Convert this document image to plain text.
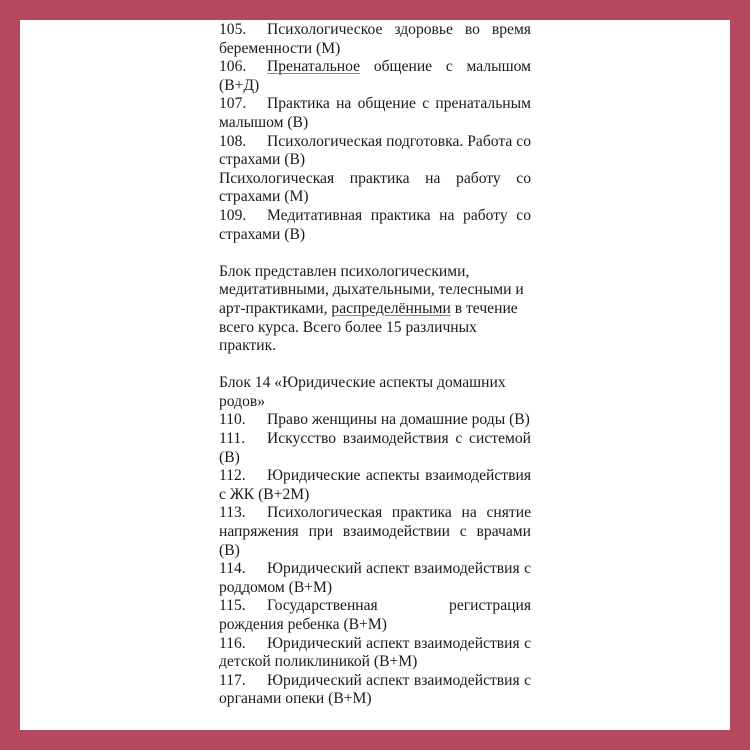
105. Психологическое здоровье во время беременности (М)
106. Пренатальное общение с малышом (В+Д)
107. Практика на общение с пренатальным малышом (В)
108. Психологическая подготовка. Работа со страхами (В)
Психологическая практика на работу со страхами (М)
109. Медитативная практика на работу со страхами (В)
Блок представлен психологическими, медитативными, дыхательными, телесными и арт-практиками, распределёнными в течение всего курса. Всего более 15 различных практик.
Блок 14 «Юридические аспекты домашних родов»
110. Право женщины на домашние роды (В)
111. Искусство взаимодействия с системой (В)
112. Юридические аспекты взаимодействия с ЖК (В+2М)
113. Психологическая практика на снятие напряжения при взаимодействии с врачами (В)
114. Юридический аспект взаимодействия с роддомом (В+М)
115. Государственная регистрация рождения ребенка (В+М)
116. Юридический аспект взаимодействия с детской поликлиникой (В+М)
117. Юридический аспект взаимодействия с органами опеки (В+М)
